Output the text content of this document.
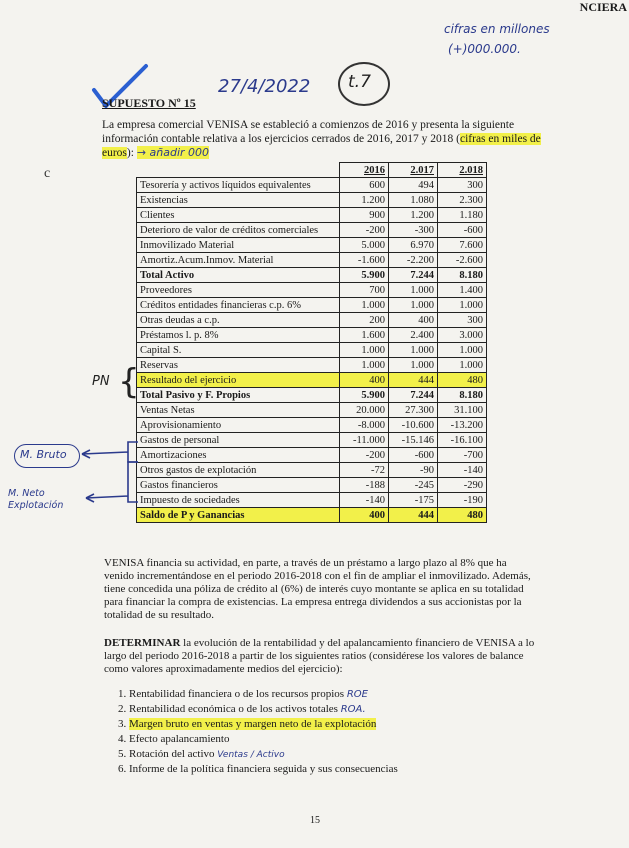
NCIERA
cifras en millones
(+)000.000.
27/4/2022 t.7
SUPUESTO Nº 15
La empresa comercial VENISA se estableció a comienzos de 2016 y presenta la siguiente información contable relativa a los ejercicios cerrados de 2016, 2017 y 2018 (cifras en miles de euros): → añadir 000
c
		2016	2.017	2.018
Tesorería y activos líquidos equivalentes	600	494	300
Existencias	1.200	1.080	2.300
Clientes	900	1.200	1.180
Deterioro de valor de créditos comerciales	-200	-300	-600
Inmovilizado Material	5.000	6.970	7.600
Amortiz.Acum.Inmov. Material	-1.600	-2.200	-2.600
Total Activo	5.900	7.244	8.180
Proveedores	700	1.000	1.400
Créditos entidades financieras c.p. 6%	1.000	1.000	1.000
Otras deudas a c.p.	200	400	300
Préstamos l. p. 8%	1.600	2.400	3.000
Capital S.	1.000	1.000	1.000
Reservas	1.000	1.000	1.000
Resultado del ejercicio	400	444	480
Total Pasivo y F. Propios	5.900	7.244	8.180
Ventas Netas	20.000	27.300	31.100
Aprovisionamiento	-8.000	-10.600	-13.200
Gastos de personal	-11.000	-15.146	-16.100
Amortizaciones	-200	-600	-700
Otros gastos de explotación	-72	-90	-140
Gastos financieros	-188	-245	-290
Impuesto de sociedades	-140	-175	-190
Saldo de P y Ganancias	400	444	480
PN {
M. Bruto
M. Neto Explotación
VENISA financia su actividad, en parte, a través de un préstamo a largo plazo al 8% que ha venido incrementándose en el periodo 2016-2018 con el fin de ampliar el inmovilizado. Además, tiene concedida una póliza de crédito al (6%) de interés cuyo montante se aplica en su totalidad para financiar la compra de existencias. La empresa entrega dividendos a sus accionistas por la totalidad de su resultado.
DETERMINAR la evolución de la rentabilidad y del apalancamiento financiero de VENISA a lo largo del periodo 2016-2018 a partir de los siguientes ratios (considérese los valores de balance como valores aproximadamente medios del ejercicio):
1. Rentabilidad financiera o de los recursos propios ROE
2. Rentabilidad económica o de los activos totales ROA.
3. Margen bruto en ventas y margen neto de la explotación
4. Efecto apalancamiento
5. Rotación del activo Ventas / Activo
6. Informe de la política financiera seguida y sus consecuencias
15
